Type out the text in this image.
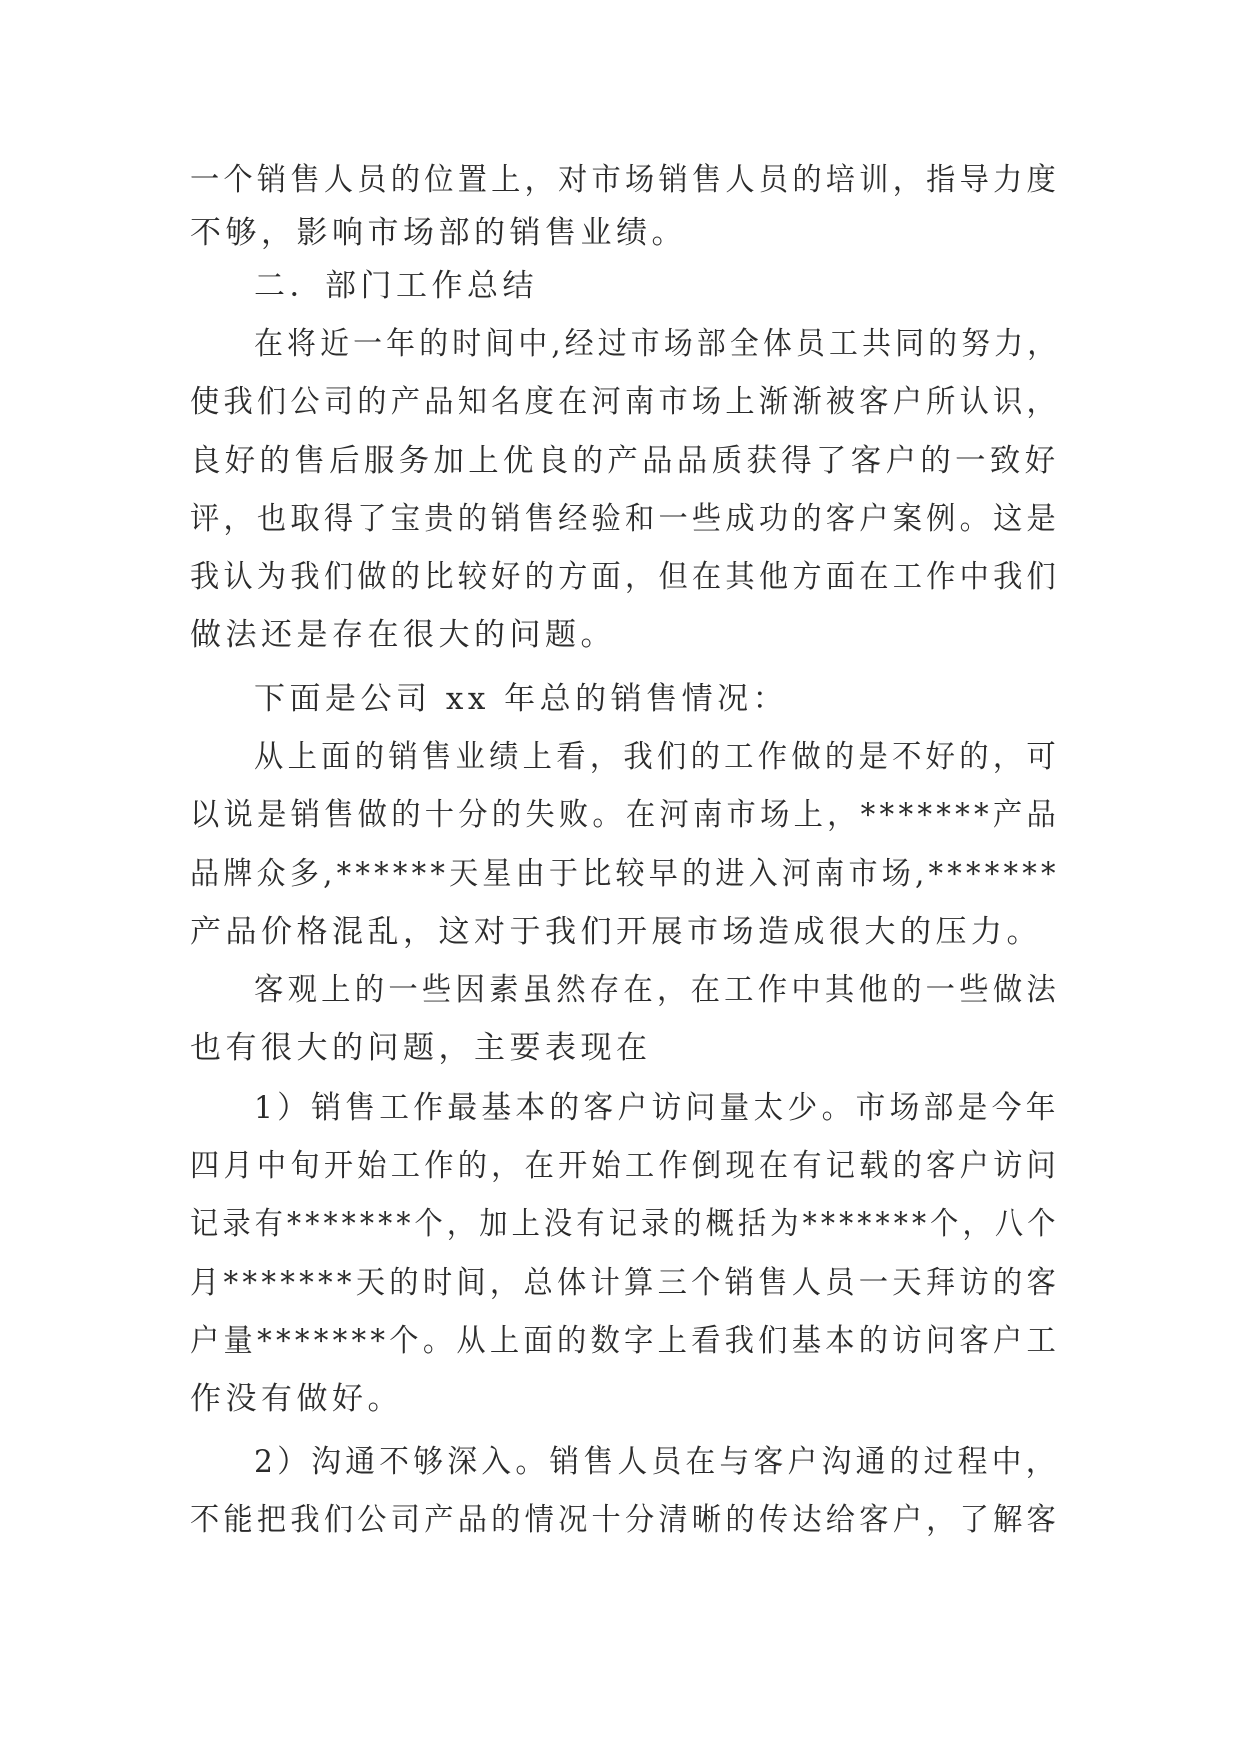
一个销售人员的位置上，对市场销售人员的培训，指导力度
不够，影响市场部的销售业绩。
二．部门工作总结
在将近一年的时间中,经过市场部全体员工共同的努力，
使我们公司的产品知名度在河南市场上渐渐被客户所认识，
良好的售后服务加上优良的产品品质获得了客户的一致好
评，也取得了宝贵的销售经验和一些成功的客户案例。这是
我认为我们做的比较好的方面，但在其他方面在工作中我们
做法还是存在很大的问题。
下面是公司 xx 年总的销售情况：
从上面的销售业绩上看，我们的工作做的是不好的，可
以说是销售做的十分的失败。在河南市场上，*******产品
品牌众多,******天星由于比较早的进入河南市场,*******
产品价格混乱，这对于我们开展市场造成很大的压力。
客观上的一些因素虽然存在，在工作中其他的一些做法
也有很大的问题，主要表现在
1）销售工作最基本的客户访问量太少。市场部是今年
四月中旬开始工作的，在开始工作倒现在有记载的客户访问
记录有*******个，加上没有记录的概括为*******个，八个
月*******天的时间，总体计算三个销售人员一天拜访的客
户量*******个。从上面的数字上看我们基本的访问客户工
作没有做好。
2）沟通不够深入。销售人员在与客户沟通的过程中，
不能把我们公司产品的情况十分清晰的传达给客户，了解客
